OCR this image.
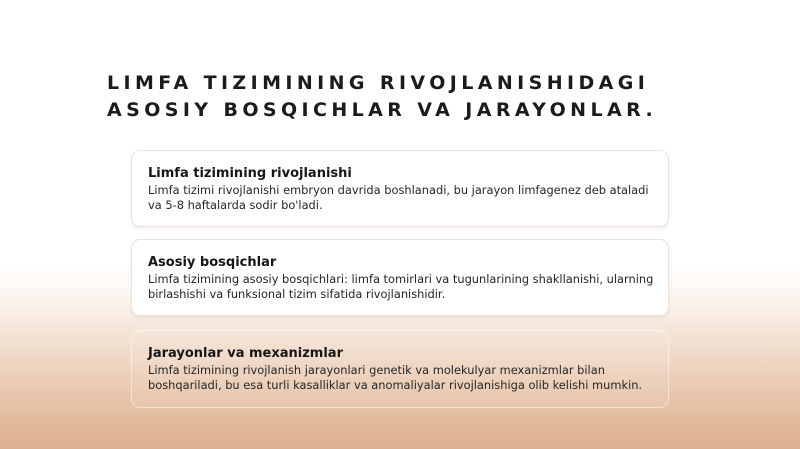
LIMFA TIZIMINING RIVOJLANISHIDAGI
ASOSIY BOSQICHLAR VA JARAYONLAR.
Limfa tizimining rivojlanishi

Limfa tizimi rivojlanishi embryon davrida boshlanadi, bu jarayon limfagenez deb ataladi va 5-8 haftalarda sodir bo'ladi.

Asosiy bosqichlar

Limfa tizimining asosiy bosqichlari: limfa tomirlari va tugunlarining shakllanishi, ularning birlashishi va funksional tizim sifatida rivojlanishidir.

Jarayonlar va mexanizmlar

Limfa tizimining rivojlanish jarayonlari genetik va molekulyar mexanizmlar bilan boshqariladi, bu esa turli kasalliklar va anomaliyalar rivojlanishiga olib kelishi mumkin.
